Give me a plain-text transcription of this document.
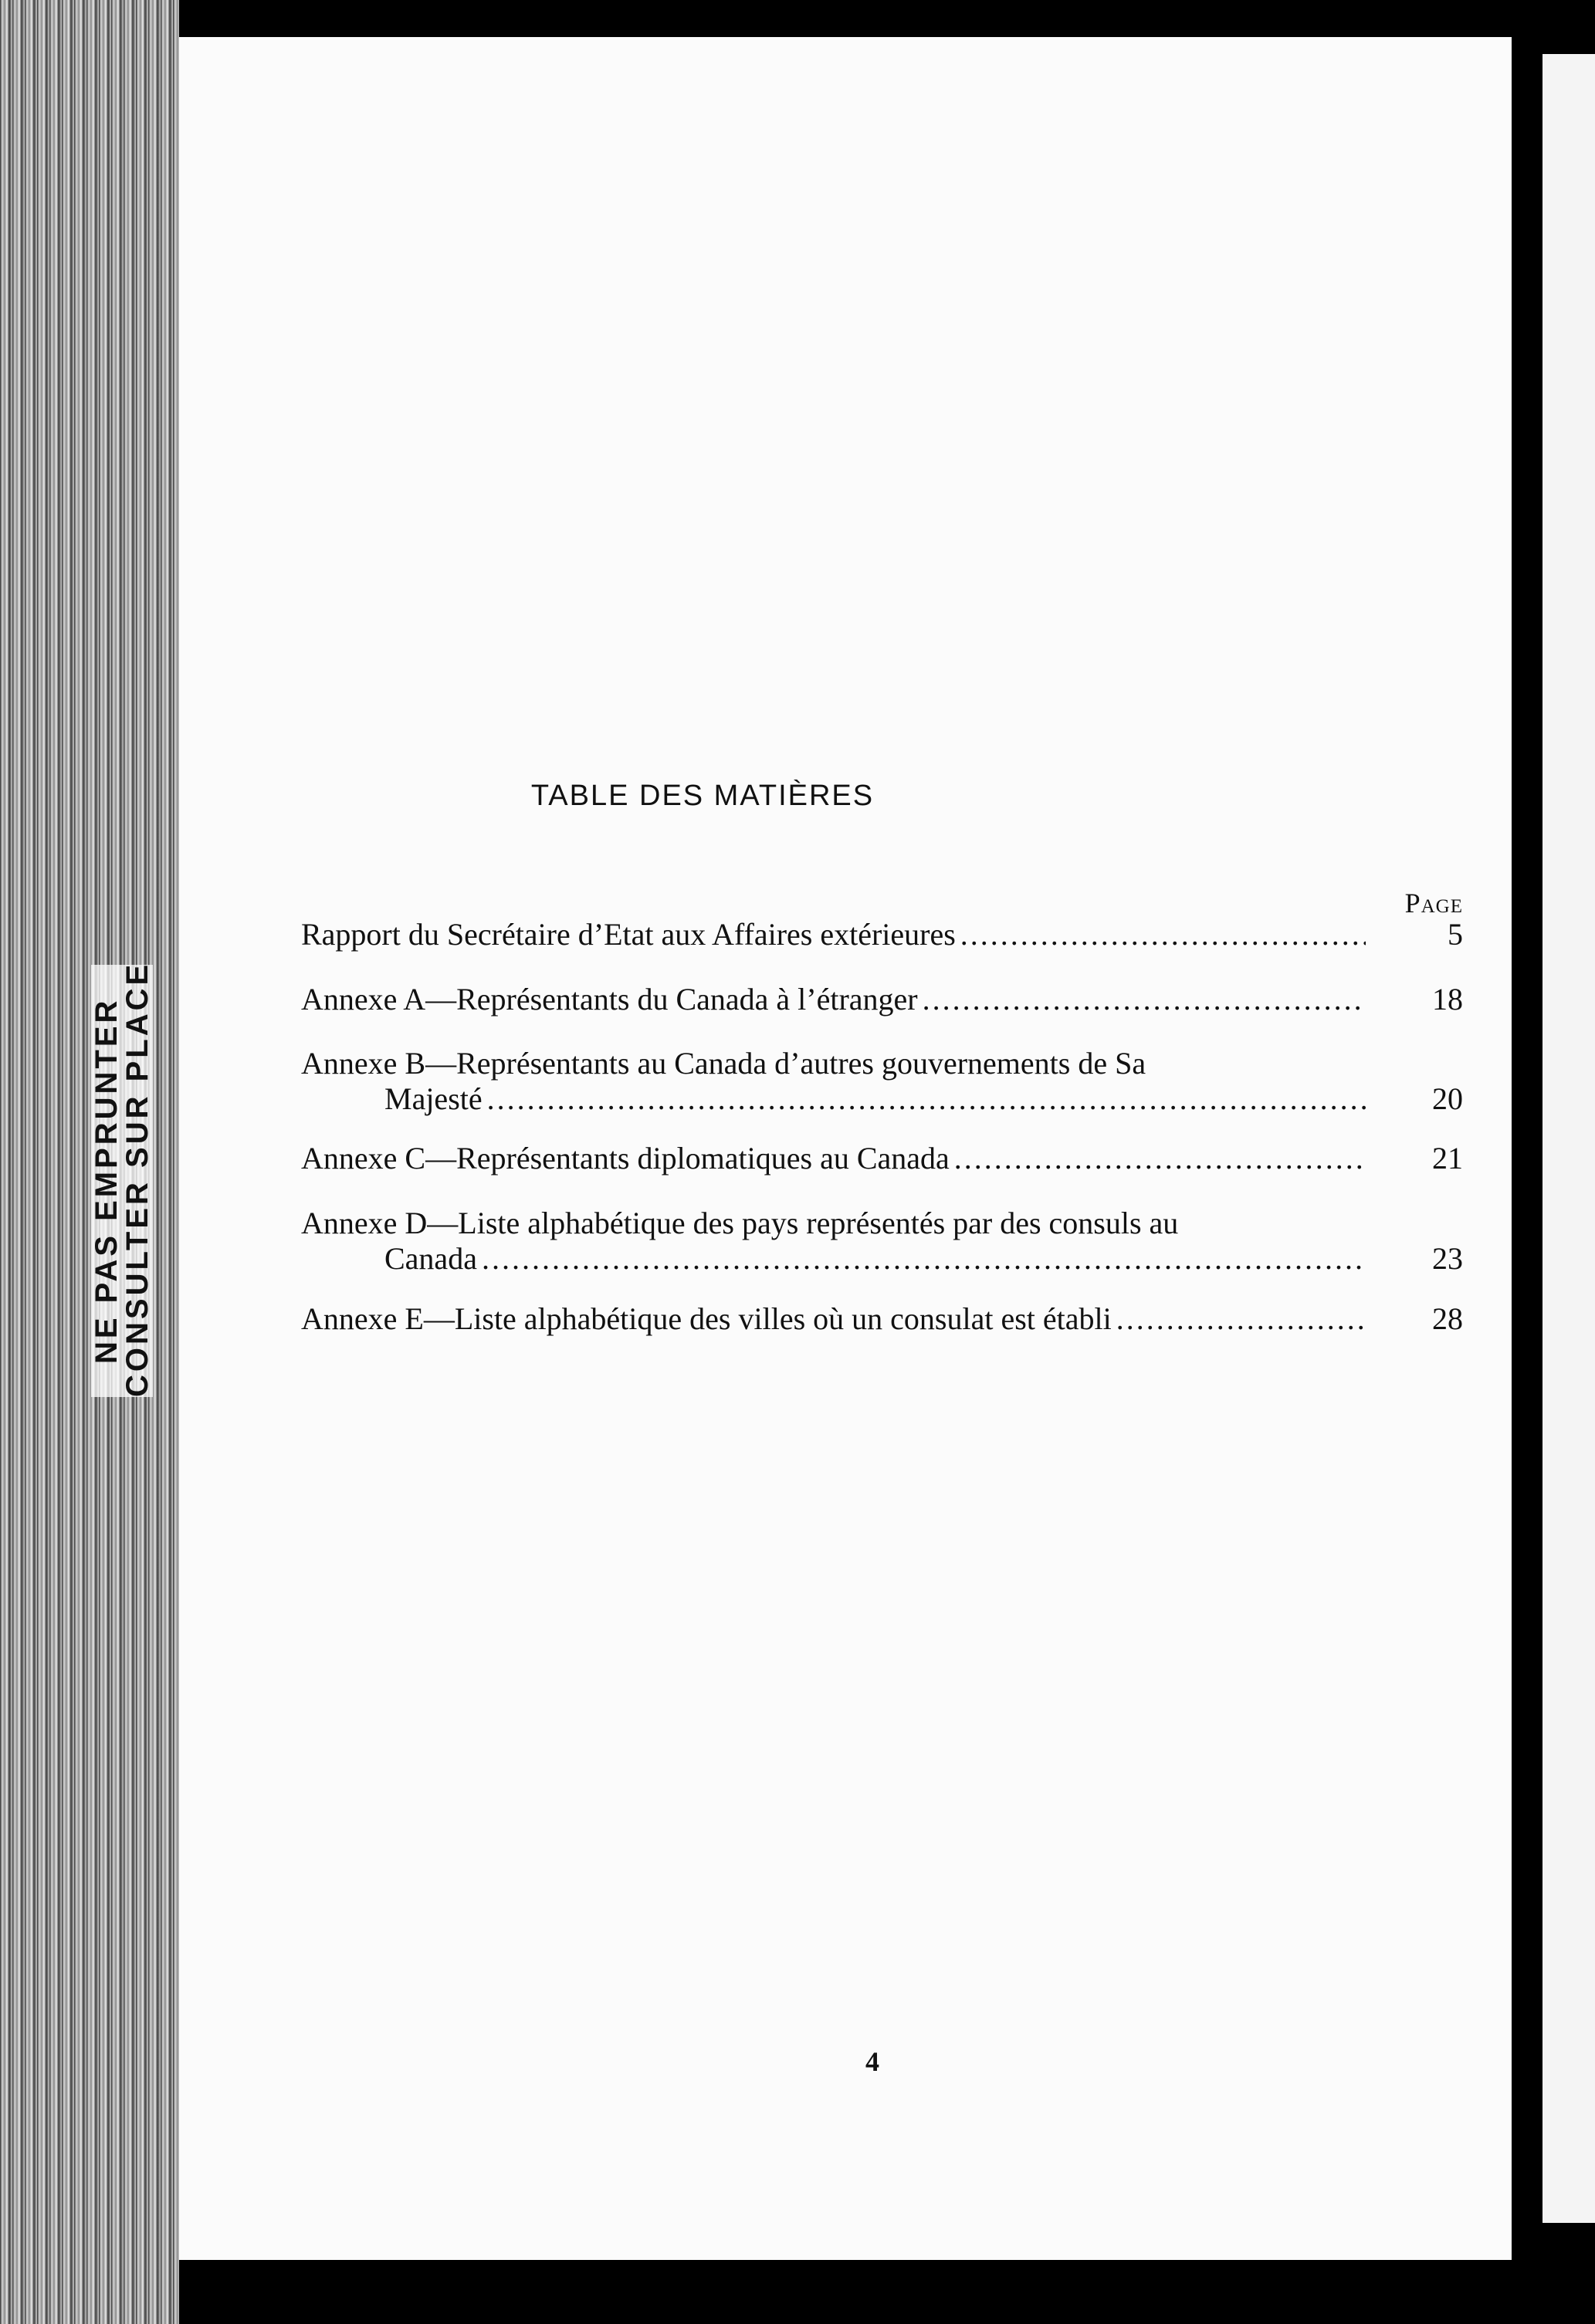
NE PAS EMPRUNTER
CONSULTER SUR PLACE
TABLE DES MATIÈRES
Page
Rapport du Secrétaire d’Etat aux Affaires extérieures .....	5
Annexe A—Représentants du Canada à l’étranger .....	18
Annexe B—Représentants au Canada d’autres gouvernements de Sa
Majesté .....	20
Annexe C—Représentants diplomatiques au Canada .....	21
Annexe D—Liste alphabétique des pays représentés par des consuls au
Canada .....	23
Annexe E—Liste alphabétique des villes où un consulat est établi .....	28
4
